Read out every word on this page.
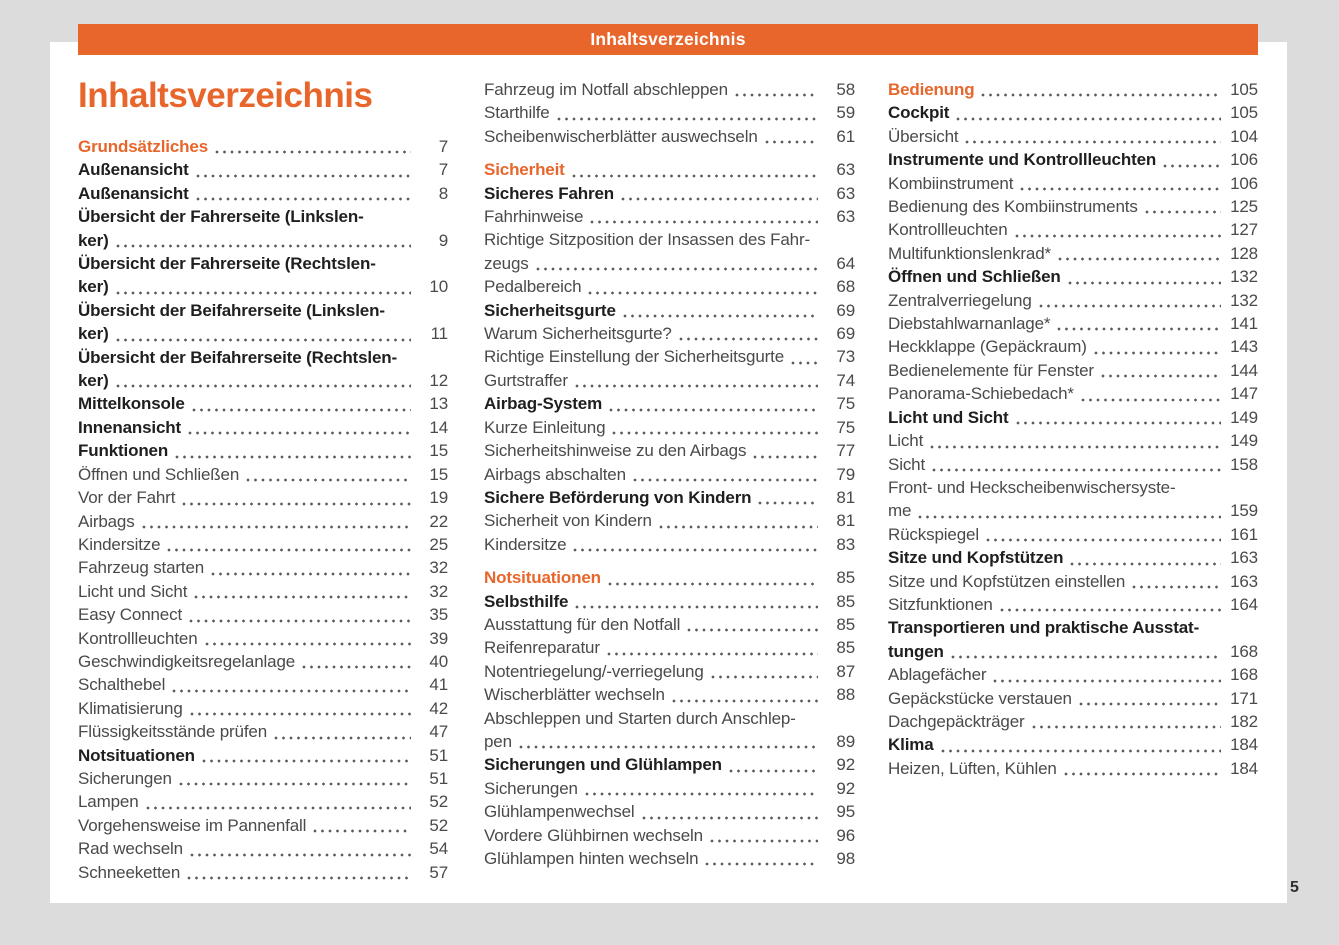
Inhaltsverzeichnis
Inhaltsverzeichnis
Grundsätzliches	7
Außenansicht	7
Außenansicht	8
Übersicht der Fahrerseite (Linkslen-
ker)	9
Übersicht der Fahrerseite (Rechtslen-
ker)	10
Übersicht der Beifahrerseite (Linkslen-
ker)	11
Übersicht der Beifahrerseite (Rechtslen-
ker)	12
Mittelkonsole	13
Innenansicht	14
Funktionen	15
Öffnen und Schließen	15
Vor der Fahrt	19
Airbags	22
Kindersitze	25
Fahrzeug starten	32
Licht und Sicht	32
Easy Connect	35
Kontrollleuchten	39
Geschwindigkeitsregelanlage	40
Schalthebel	41
Klimatisierung	42
Flüssigkeitsstände prüfen	47
Notsituationen	51
Sicherungen	51
Lampen	52
Vorgehensweise im Pannenfall	52
Rad wechseln	54
Schneeketten	57
Fahrzeug im Notfall abschleppen	58
Starthilfe	59
Scheibenwischerblätter auswechseln	61
Sicherheit	63
Sicheres Fahren	63
Fahrhinweise	63
Richtige Sitzposition der Insassen des Fahr-
zeugs	64
Pedalbereich	68
Sicherheitsgurte	69
Warum Sicherheitsgurte?	69
Richtige Einstellung der Sicherheitsgurte	73
Gurtstraffer	74
Airbag-System	75
Kurze Einleitung	75
Sicherheitshinweise zu den Airbags	77
Airbags abschalten	79
Sichere Beförderung von Kindern	81
Sicherheit von Kindern	81
Kindersitze	83
Notsituationen	85
Selbsthilfe	85
Ausstattung für den Notfall	85
Reifenreparatur	85
Notentriegelung/-verriegelung	87
Wischerblätter wechseln	88
Abschleppen und Starten durch Anschlep-
pen	89
Sicherungen und Glühlampen	92
Sicherungen	92
Glühlampenwechsel	95
Vordere Glühbirnen wechseln	96
Glühlampen hinten wechseln	98
Bedienung	105
Cockpit	105
Übersicht	104
Instrumente und Kontrollleuchten	106
Kombiinstrument	106
Bedienung des Kombiinstruments	125
Kontrollleuchten	127
Multifunktionslenkrad*	128
Öffnen und Schließen	132
Zentralverriegelung	132
Diebstahlwarnanlage*	141
Heckklappe (Gepäckraum)	143
Bedienelemente für Fenster	144
Panorama-Schiebedach*	147
Licht und Sicht	149
Licht	149
Sicht	158
Front- und Heckscheibenwischersyste-
me	159
Rückspiegel	161
Sitze und Kopfstützen	163
Sitze und Kopfstützen einstellen	163
Sitzfunktionen	164
Transportieren und praktische Ausstat-
tungen	168
Ablagefächer	168
Gepäckstücke verstauen	171
Dachgepäckträger	182
Klima	184
Heizen, Lüften, Kühlen	184
5
